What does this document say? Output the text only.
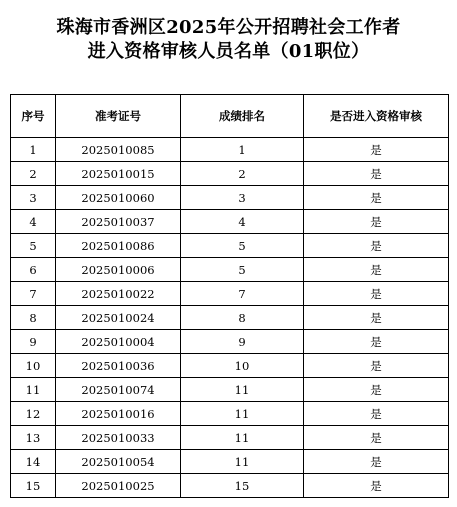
珠海市香洲区2025年公开招聘社会工作者
进入资格审核人员名单（01职位）
序号	准考证号	成绩排名	是否进入资格审核
1	2025010085	1	是
2	2025010015	2	是
3	2025010060	3	是
4	2025010037	4	是
5	2025010086	5	是
6	2025010006	5	是
7	2025010022	7	是
8	2025010024	8	是
9	2025010004	9	是
10	2025010036	10	是
11	2025010074	11	是
12	2025010016	11	是
13	2025010033	11	是
14	2025010054	11	是
15	2025010025	15	是
